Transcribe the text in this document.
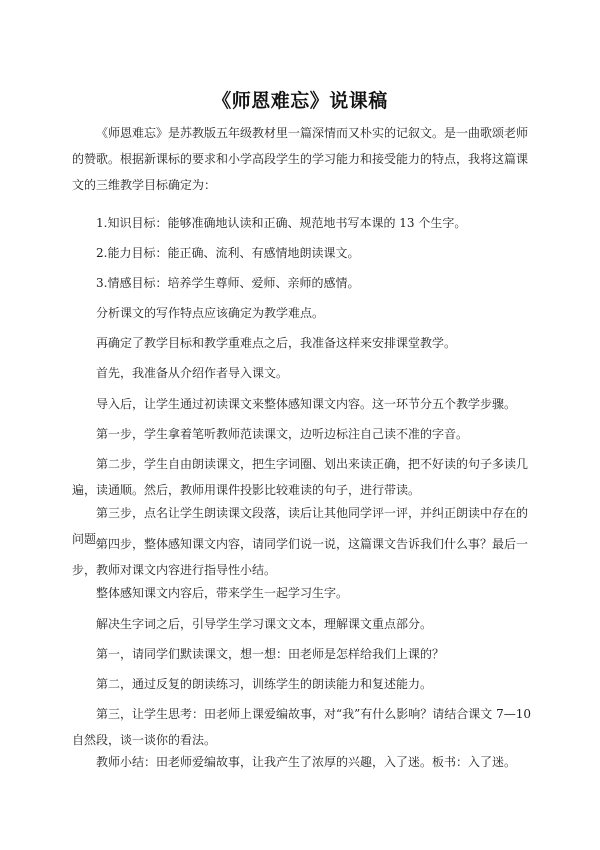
《师恩难忘》说课稿

《师恩难忘》是苏教版五年级教材里一篇深情而又朴实的记叙文。是一曲歌颂老师的赞歌。根据新课标的要求和小学高段学生的学习能力和接受能力的特点，我将这篇课文的三维教学目标确定为：

1.知识目标：能够准确地认读和正确、规范地书写本课的 13 个生字。

2.能力目标：能正确、流利、有感情地朗读课文。

3.情感目标：培养学生尊师、爱师、亲师的感情。

分析课文的写作特点应该确定为教学难点。

再确定了教学目标和教学重难点之后，我准备这样来安排课堂教学。

首先，我准备从介绍作者导入课文。

导入后，让学生通过初读课文来整体感知课文内容。这一环节分五个教学步骤。

第一步，学生拿着笔听教师范读课文，边听边标注自己读不准的字音。

第二步，学生自由朗读课文，把生字词圈、划出来读正确，把不好读的句子多读几遍，读通顺。然后，教师用课件投影比较难读的句子，进行带读。

第三步，点名让学生朗读课文段落，读后让其他同学评一评，并纠正朗读中存在的问题。

第四步，整体感知课文内容，请同学们说一说，这篇课文告诉我们什么事？最后一步，教师对课文内容进行指导性小结。

整体感知课文内容后，带来学生一起学习生字。

解决生字词之后，引导学生学习课文文本，理解课文重点部分。

第一，请同学们默读课文，想一想：田老师是怎样给我们上课的？

第二，通过反复的朗读练习，训练学生的朗读能力和复述能力。

第三，让学生思考：田老师上课爱编故事，对“我”有什么影响？请结合课文 7—10 自然段，谈一谈你的看法。

教师小结：田老师爱编故事，让我产生了浓厚的兴趣，入了迷。板书：入了迷。
